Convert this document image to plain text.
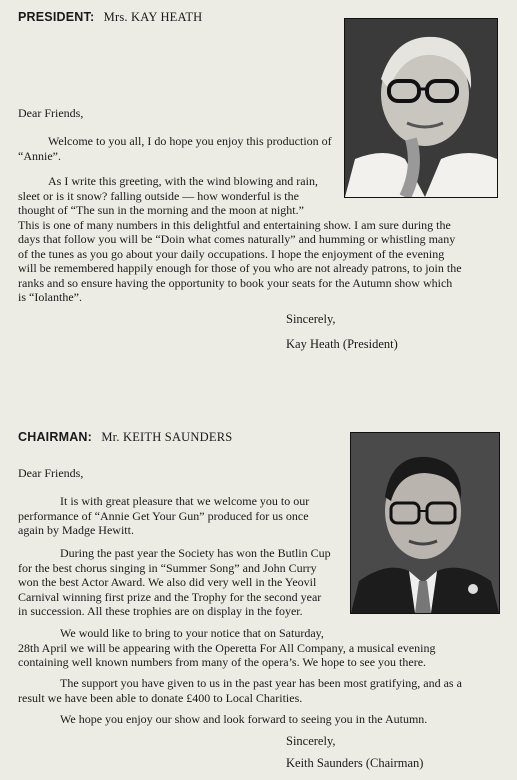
PRESIDENT: Mrs. KAY HEATH
Dear Friends,
Welcome to you all, I do hope you enjoy this production of “Annie”.
As I write this greeting, with the wind blowing and rain,
sleet or is it snow? falling outside — how wonderful is the
thought of “The sun in the morning and the moon at night.”
This is one of many numbers in this delightful and entertaining show. I am sure during the
days that follow you will be “Doin what comes naturally” and humming or whistling many
of the tunes as you go about your daily occupations. I hope the enjoyment of the evening
will be remembered happily enough for those of you who are not already patrons, to join the
ranks and so ensure having the opportunity to book your seats for the Autumn show which
is “Iolanthe”.
Sincerely,
Kay Heath (President)
CHAIRMAN: Mr. KEITH SAUNDERS
Dear Friends,
It is with great pleasure that we welcome you to our
performance of “Annie Get Your Gun” produced for us once
again by Madge Hewitt.
During the past year the Society has won the Butlin Cup
for the best chorus singing in “Summer Song” and John Curry
won the best Actor Award. We also did very well in the Yeovil
Carnival winning first prize and the Trophy for the second year
in succession. All these trophies are on display in the foyer.
We would like to bring to your notice that on Saturday,
28th April we will be appearing with the Operetta For All Company, a musical evening
containing well known numbers from many of the opera’s. We hope to see you there.
The support you have given to us in the past year has been most gratifying, and as a
result we have been able to donate £400 to Local Charities.
We hope you enjoy our show and look forward to seeing you in the Autumn.
Sincerely,
Keith Saunders (Chairman)
